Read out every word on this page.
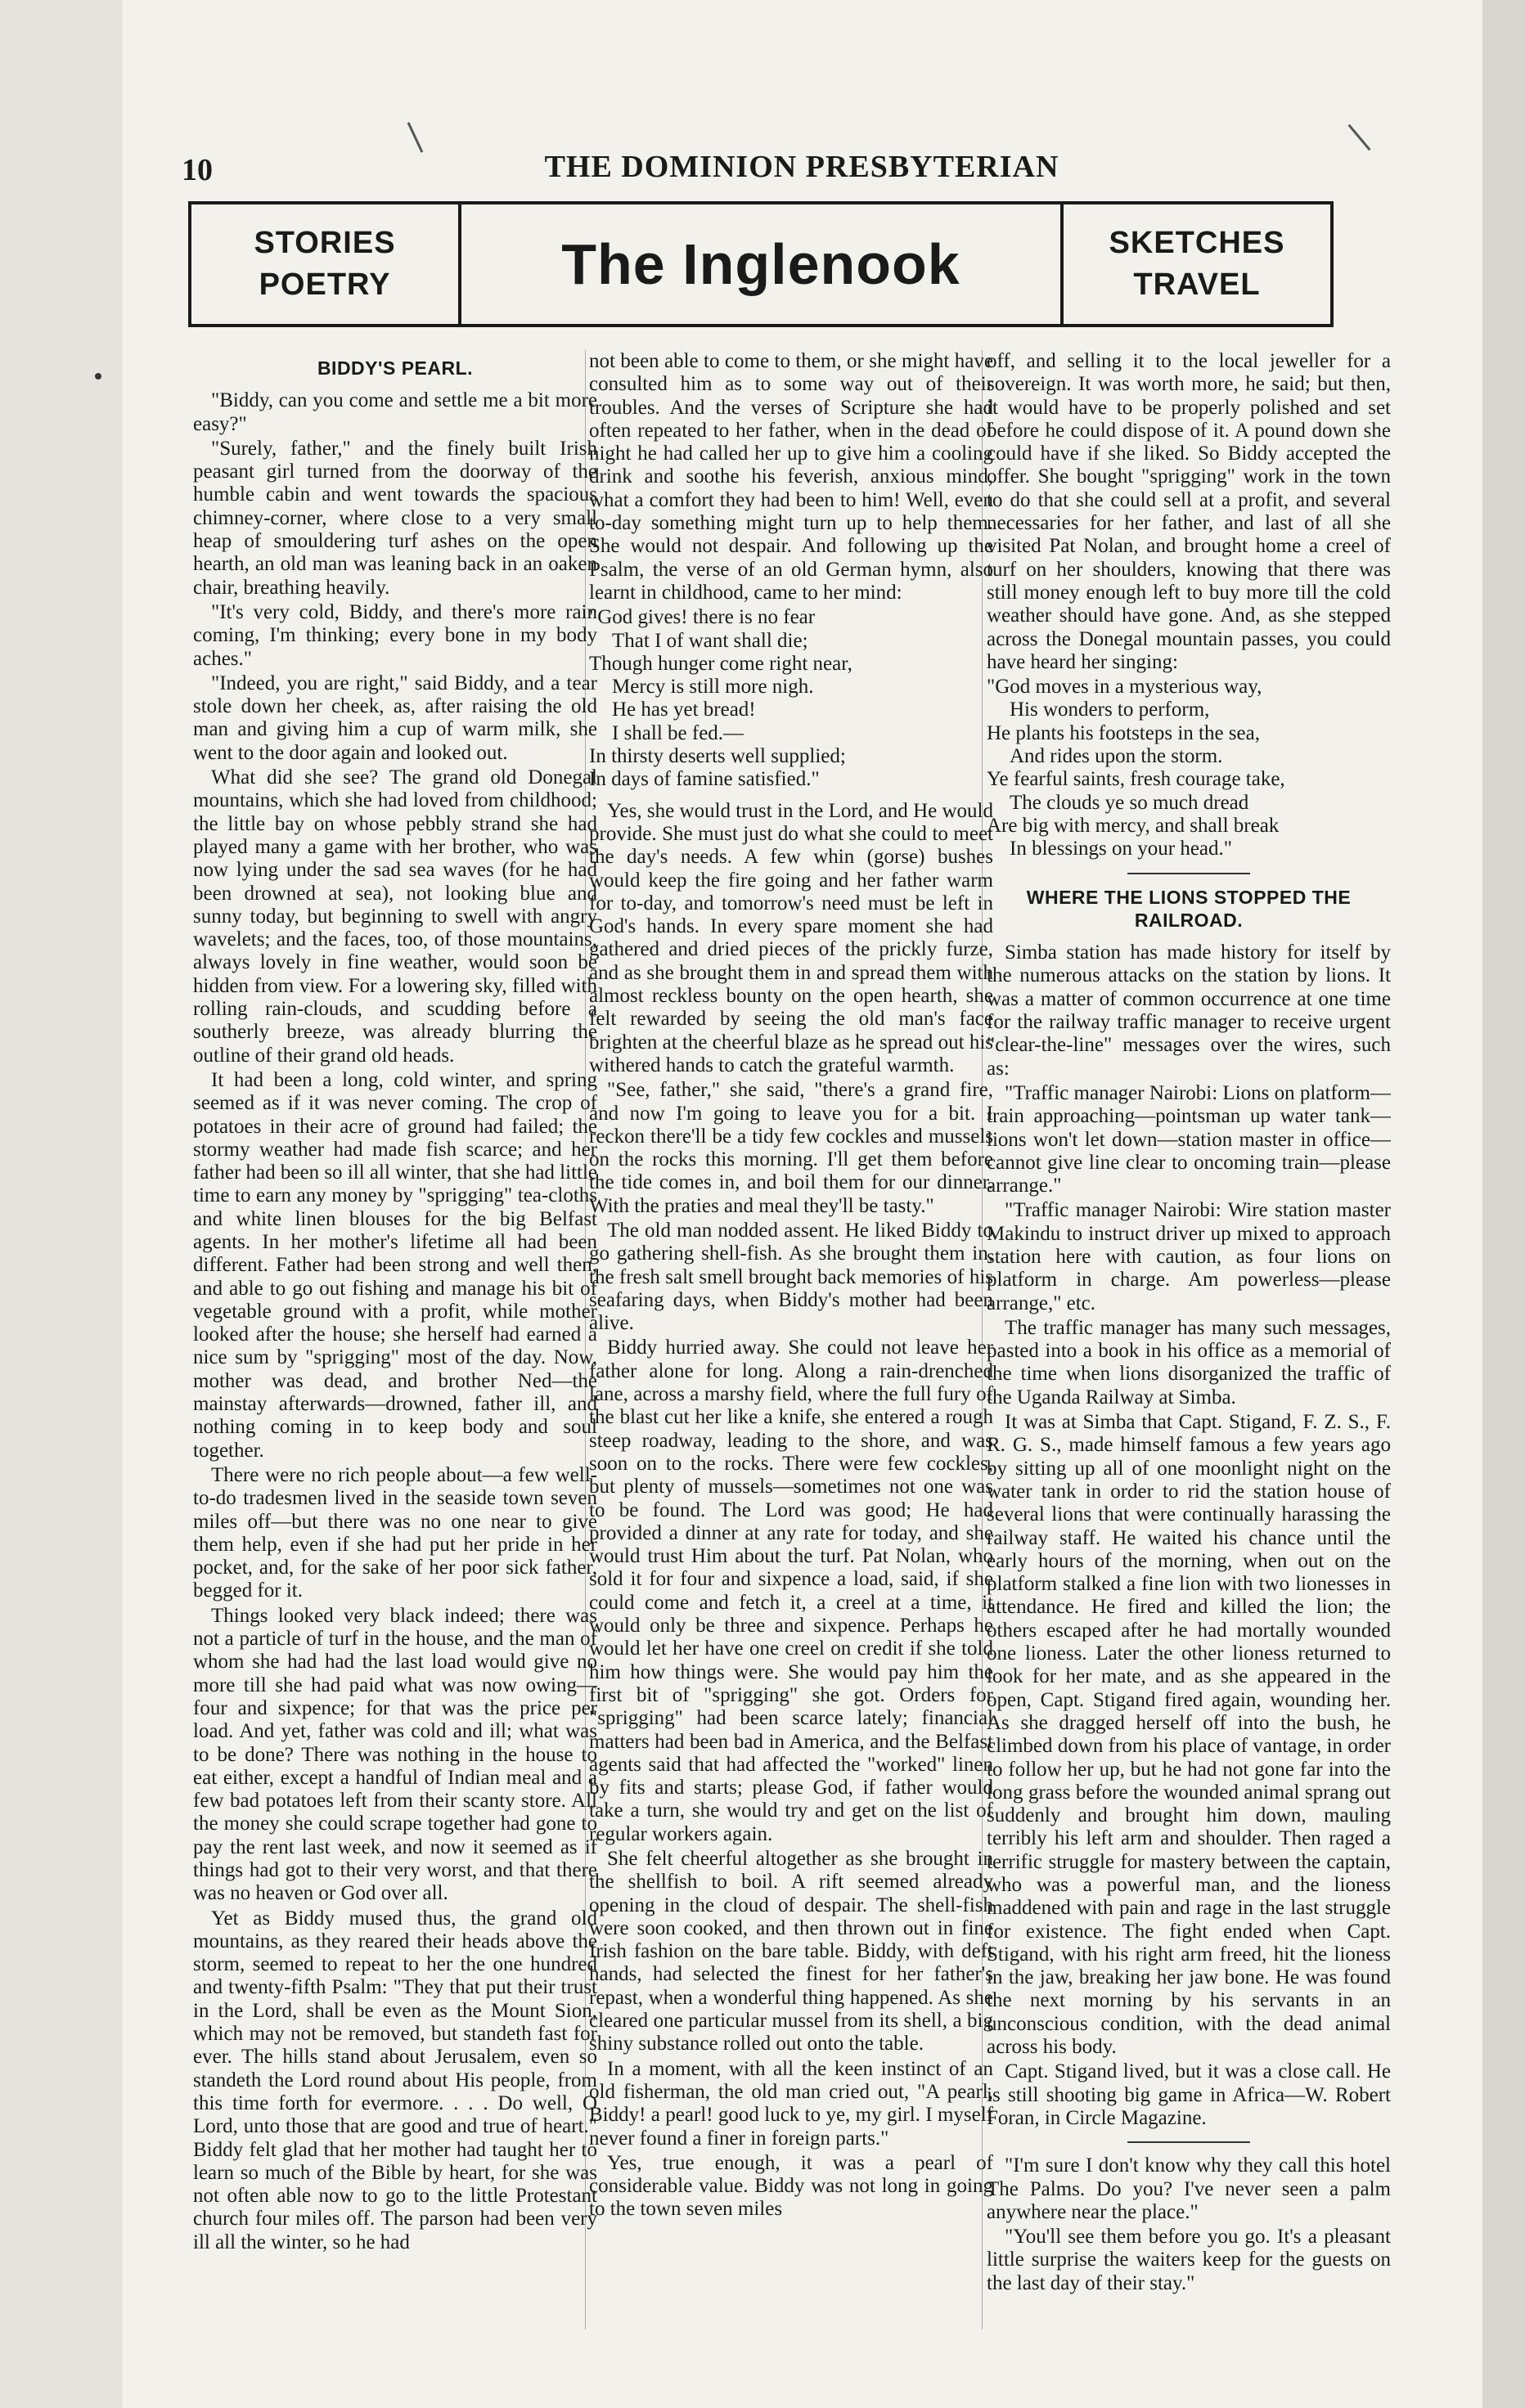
10	THE DOMINION PRESBYTERIAN
STORIES
POETRY	The Inglenook	SKETCHES
TRAVEL

BIDDY'S PEARL.

"Biddy, can you come and settle me a bit more easy?"

"Surely, father," and the finely built Irish peasant girl turned from the doorway of the humble cabin and went towards the spacious chimney-corner, where close to a very small heap of smouldering turf ashes on the open hearth, an old man was leaning back in an oaken chair, breathing heavily.

"It's very cold, Biddy, and there's more rain coming, I'm thinking; every bone in my body aches."

"Indeed, you are right," said Biddy, and a tear stole down her cheek, as, after raising the old man and giving him a cup of warm milk, she went to the door again and looked out.

What did she see? The grand old Donegal mountains, which she had loved from childhood; the little bay on whose pebbly strand she had played many a game with her brother, who was now lying under the sad sea waves (for he had been drowned at sea), not looking blue and sunny today, but beginning to swell with angry wavelets; and the faces, too, of those mountains, always lovely in fine weather, would soon be hidden from view. For a lowering sky, filled with rolling rain-clouds, and scudding before a southerly breeze, was already blurring the outline of their grand old heads.

It had been a long, cold winter, and spring seemed as if it was never coming. The crop of potatoes in their acre of ground had failed; the stormy weather had made fish scarce; and her father had been so ill all winter, that she had little time to earn any money by "sprigging" tea-cloths and white linen blouses for the big Belfast agents. In her mother's lifetime all had been different. Father had been strong and well then, and able to go out fishing and manage his bit of vegetable ground with a profit, while mother looked after the house; she herself had earned a nice sum by "sprigging" most of the day. Now, mother was dead, and brother Ned—the mainstay afterwards—drowned, father ill, and nothing coming in to keep body and soul together.

There were no rich people about—a few well-to-do tradesmen lived in the seaside town seven miles off—but there was no one near to give them help, even if she had put her pride in her pocket, and, for the sake of her poor sick father, begged for it.

Things looked very black indeed; there was not a particle of turf in the house, and the man of whom she had had the last load would give no more till she had paid what was now owing—four and sixpence; for that was the price per load. And yet, father was cold and ill; what was to be done? There was nothing in the house to eat either, except a handful of Indian meal and a few bad potatoes left from their scanty store. All the money she could scrape together had gone to pay the rent last week, and now it seemed as if things had got to their very worst, and that there was no heaven or God over all.

Yet as Biddy mused thus, the grand old mountains, as they reared their heads above the storm, seemed to repeat to her the one hundred and twenty-fifth Psalm: "They that put their trust in the Lord, shall be even as the Mount Sion, which may not be removed, but standeth fast for ever. The hills stand about Jerusalem, even so standeth the Lord round about His people, from this time forth for evermore. . . . Do well, O Lord, unto those that are good and true of heart." Biddy felt glad that her mother had taught her to learn so much of the Bible by heart, for she was not often able now to go to the little Protestant church four miles off. The parson had been very ill all the winter, so he had

not been able to come to them, or she might have consulted him as to some way out of their troubles. And the verses of Scripture she had often repeated to her father, when in the dead of night he had called her up to give him a cooling drink and soothe his feverish, anxious mind, what a comfort they had been to him! Well, even to-day something might turn up to help them. She would not despair. And following up the Psalm, the verse of an old German hymn, also learnt in childhood, came to her mind:

"God gives! there is no fear

That I of want shall die;

Though hunger come right near,

Mercy is still more nigh.

He has yet bread!

I shall be fed.—

In thirsty deserts well supplied;

In days of famine satisfied."

Yes, she would trust in the Lord, and He would provide. She must just do what she could to meet the day's needs. A few whin (gorse) bushes would keep the fire going and her father warm for to-day, and tomorrow's need must be left in God's hands. In every spare moment she had gathered and dried pieces of the prickly furze, and as she brought them in and spread them with almost reckless bounty on the open hearth, she felt rewarded by seeing the old man's face brighten at the cheerful blaze as he spread out his withered hands to catch the grateful warmth.

"See, father," she said, "there's a grand fire, and now I'm going to leave you for a bit. I reckon there'll be a tidy few cockles and mussels on the rocks this morning. I'll get them before the tide comes in, and boil them for our dinner. With the praties and meal they'll be tasty."

The old man nodded assent. He liked Biddy to go gathering shell-fish. As she brought them in, the fresh salt smell brought back memories of his seafaring days, when Biddy's mother had been alive.

Biddy hurried away. She could not leave her father alone for long. Along a rain-drenched lane, across a marshy field, where the full fury of the blast cut her like a knife, she entered a rough steep roadway, leading to the shore, and was soon on to the rocks. There were few cockles, but plenty of mussels—sometimes not one was to be found. The Lord was good; He had provided a dinner at any rate for today, and she would trust Him about the turf. Pat Nolan, who sold it for four and sixpence a load, said, if she could come and fetch it, a creel at a time, it would only be three and sixpence. Perhaps he would let her have one creel on credit if she told him how things were. She would pay him the first bit of "sprigging" she got. Orders for "sprigging" had been scarce lately; financial matters had been bad in America, and the Belfast agents said that had affected the "worked" linen by fits and starts; please God, if father would take a turn, she would try and get on the list of regular workers again.

She felt cheerful altogether as she brought in the shellfish to boil. A rift seemed already opening in the cloud of despair. The shell-fish were soon cooked, and then thrown out in fine Irish fashion on the bare table. Biddy, with deft hands, had selected the finest for her father's repast, when a wonderful thing happened. As she cleared one particular mussel from its shell, a big shiny substance rolled out onto the table.

In a moment, with all the keen instinct of an old fisherman, the old man cried out, "A pearl, Biddy! a pearl! good luck to ye, my girl. I myself never found a finer in foreign parts."

Yes, true enough, it was a pearl of considerable value. Biddy was not long in going to the town seven miles

off, and selling it to the local jeweller for a sovereign. It was worth more, he said; but then, it would have to be properly polished and set before he could dispose of it. A pound down she could have if she liked. So Biddy accepted the offer. She bought "sprigging" work in the town to do that she could sell at a profit, and several necessaries for her father, and last of all she visited Pat Nolan, and brought home a creel of turf on her shoulders, knowing that there was still money enough left to buy more till the cold weather should have gone. And, as she stepped across the Donegal mountain passes, you could have heard her singing:

"God moves in a mysterious way,

His wonders to perform,

He plants his footsteps in the sea,

And rides upon the storm.

Ye fearful saints, fresh courage take,

The clouds ye so much dread

Are big with mercy, and shall break

In blessings on your head."

WHERE THE LIONS STOPPED THE RAILROAD.

Simba station has made history for itself by the numerous attacks on the station by lions. It was a matter of common occurrence at one time for the railway traffic manager to receive urgent "clear-the-line" messages over the wires, such as:

"Traffic manager Nairobi: Lions on platform—train approaching—pointsman up water tank—lions won't let down—station master in office—cannot give line clear to oncoming train—please arrange."

"Traffic manager Nairobi: Wire station master Makindu to instruct driver up mixed to approach station here with caution, as four lions on platform in charge. Am powerless—please arrange," etc.

The traffic manager has many such messages, pasted into a book in his office as a memorial of the time when lions disorganized the traffic of the Uganda Railway at Simba.

It was at Simba that Capt. Stigand, F. Z. S., F. R. G. S., made himself famous a few years ago by sitting up all of one moonlight night on the water tank in order to rid the station house of several lions that were continually harassing the railway staff. He waited his chance until the early hours of the morning, when out on the platform stalked a fine lion with two lionesses in attendance. He fired and killed the lion; the others escaped after he had mortally wounded one lioness. Later the other lioness returned to look for her mate, and as she appeared in the open, Capt. Stigand fired again, wounding her. As she dragged herself off into the bush, he climbed down from his place of vantage, in order to follow her up, but he had not gone far into the long grass before the wounded animal sprang out suddenly and brought him down, mauling terribly his left arm and shoulder. Then raged a terrific struggle for mastery between the captain, who was a powerful man, and the lioness maddened with pain and rage in the last struggle for existence. The fight ended when Capt. Stigand, with his right arm freed, hit the lioness in the jaw, breaking her jaw bone. He was found the next morning by his servants in an unconscious condition, with the dead animal across his body.

Capt. Stigand lived, but it was a close call. He is still shooting big game in Africa—W. Robert Foran, in Circle Magazine.

"I'm sure I don't know why they call this hotel The Palms. Do you? I've never seen a palm anywhere near the place."

"You'll see them before you go. It's a pleasant little surprise the waiters keep for the guests on the last day of their stay."
